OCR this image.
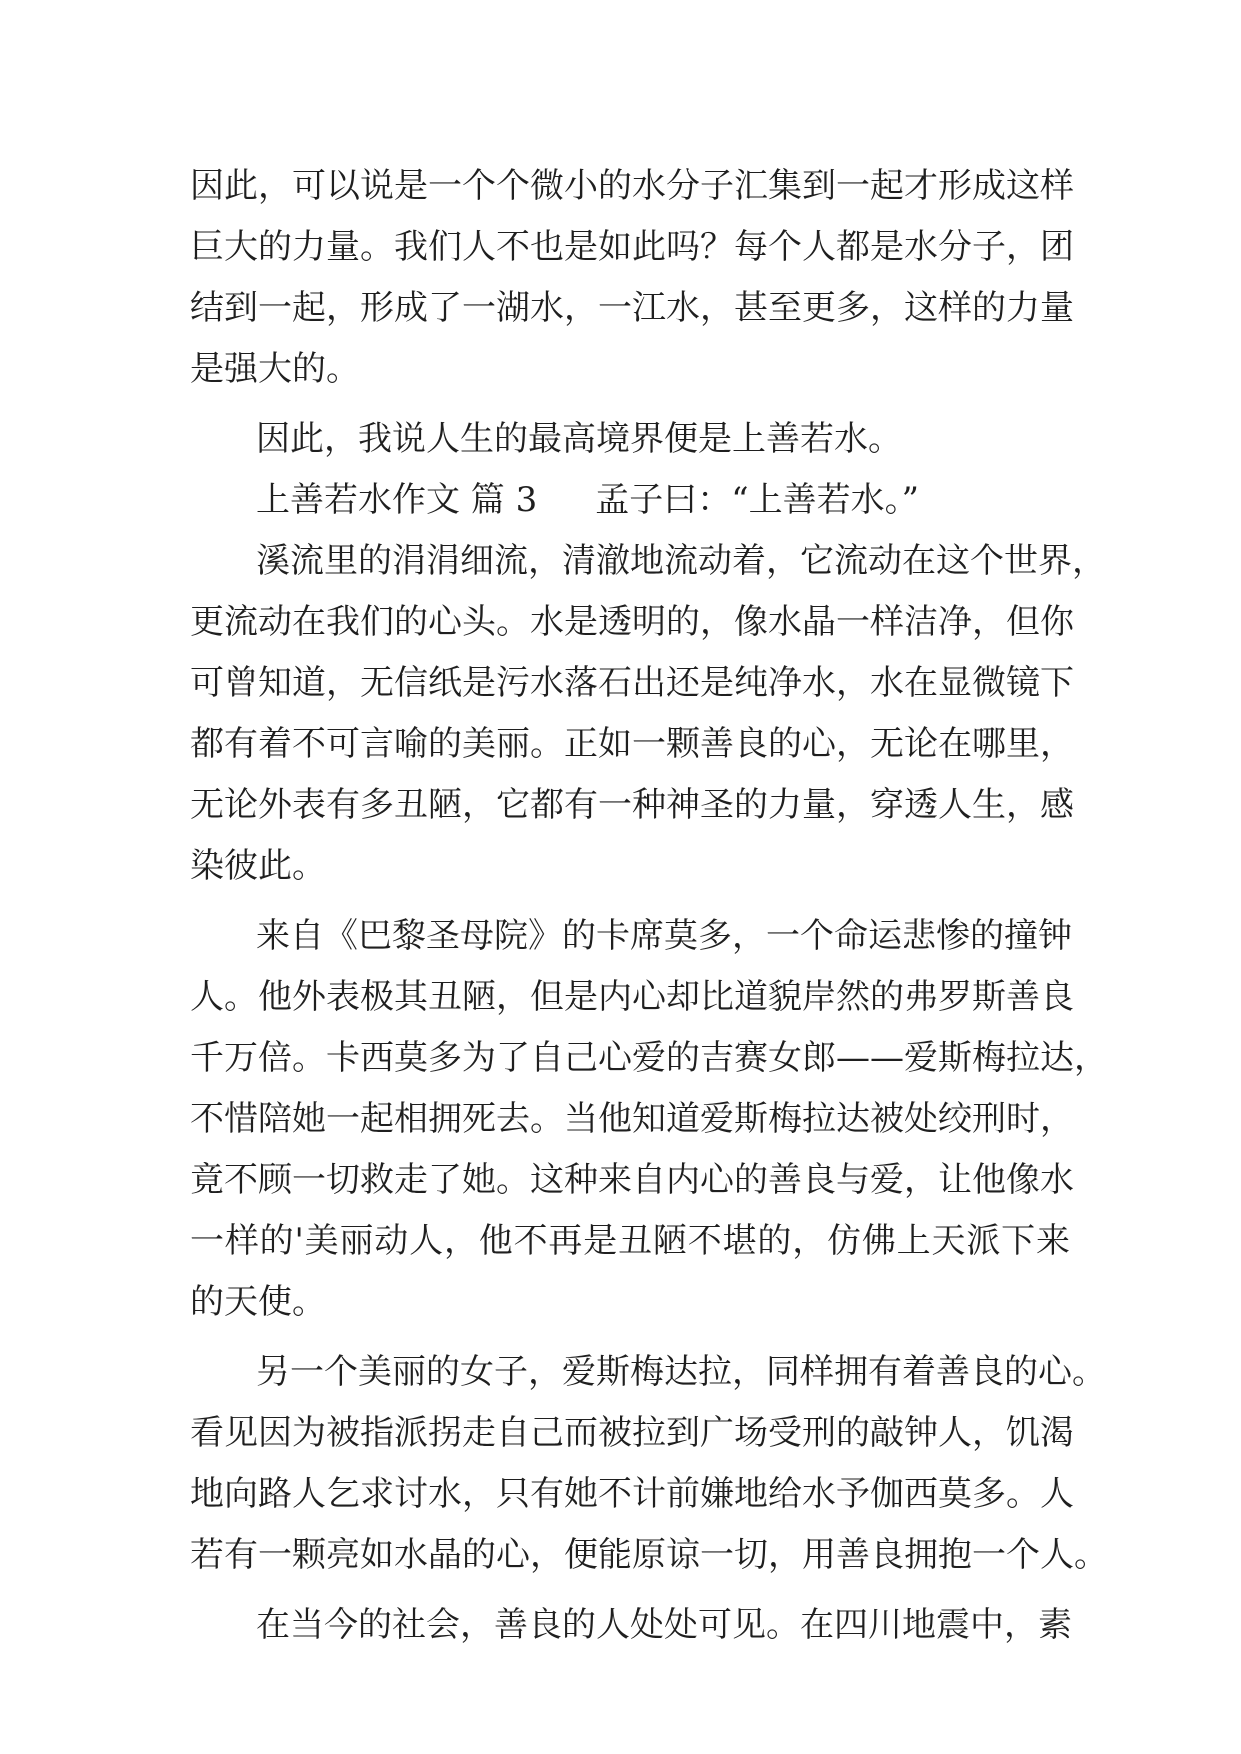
因此，可以说是一个个微小的水分子汇集到一起才形成这样
巨大的力量。我们人不也是如此吗？每个人都是水分子，团
结到一起，形成了一湖水，一江水，甚至更多，这样的力量
是强大的。
因此，我说人生的最高境界便是上善若水。
上善若水作文 篇 3 孟子曰：“上善若水。”
溪流里的涓涓细流，清澈地流动着，它流动在这个世界，
更流动在我们的心头。水是透明的，像水晶一样洁净，但你
可曾知道，无信纸是污水落石出还是纯净水，水在显微镜下
都有着不可言喻的美丽。正如一颗善良的心，无论在哪里，
无论外表有多丑陋，它都有一种神圣的力量，穿透人生，感
染彼此。
来自《巴黎圣母院》的卡席莫多，一个命运悲惨的撞钟
人。他外表极其丑陋，但是内心却比道貌岸然的弗罗斯善良
千万倍。卡西莫多为了自己心爱的吉赛女郎——爱斯梅拉达，
不惜陪她一起相拥死去。当他知道爱斯梅拉达被处绞刑时，
竟不顾一切救走了她。这种来自内心的善良与爱，让他像水
一样的'美丽动人，他不再是丑陋不堪的，仿佛上天派下来
的天使。
另一个美丽的女子，爱斯梅达拉，同样拥有着善良的心。
看见因为被指派拐走自己而被拉到广场受刑的敲钟人，饥渴
地向路人乞求讨水，只有她不计前嫌地给水予伽西莫多。人
若有一颗亮如水晶的心，便能原谅一切，用善良拥抱一个人。
在当今的社会，善良的人处处可见。在四川地震中，素
